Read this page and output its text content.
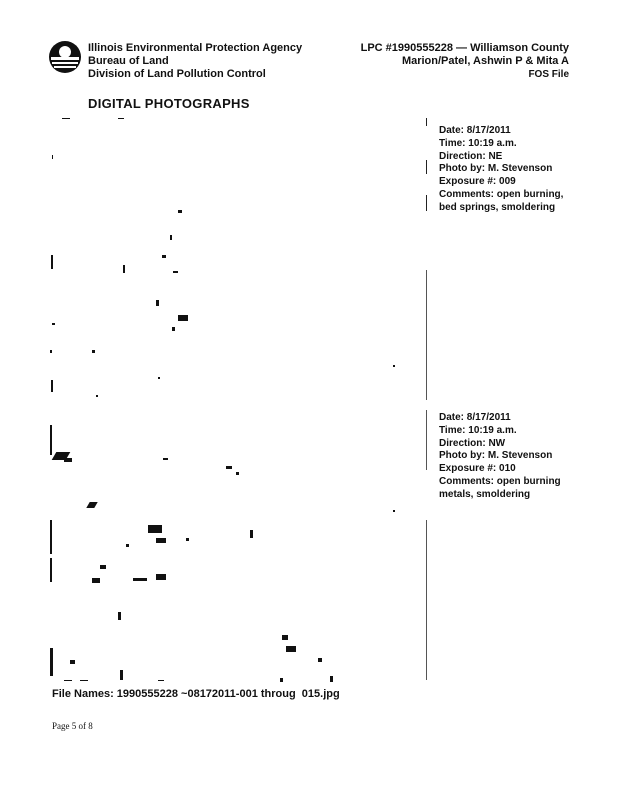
Illinois Environmental Protection Agency
Bureau of Land
Division of Land Pollution Control
LPC #1990555228 — Williamson County
Marion/Patel, Ashwin P & Mita A
FOS File
DIGITAL PHOTOGRAPHS
Date: 8/17/2011
Time: 10:19 a.m.
Direction: NE
Photo by: M. Stevenson
Exposure #: 009
Comments: open burning,
bed springs, smoldering
Date: 8/17/2011
Time: 10:19 a.m.
Direction: NW
Photo by: M. Stevenson
Exposure #: 010
Comments: open burning
metals, smoldering
File Names: 1990555228 ~08172011-001 throug  015.jpg
Page 5 of 8
